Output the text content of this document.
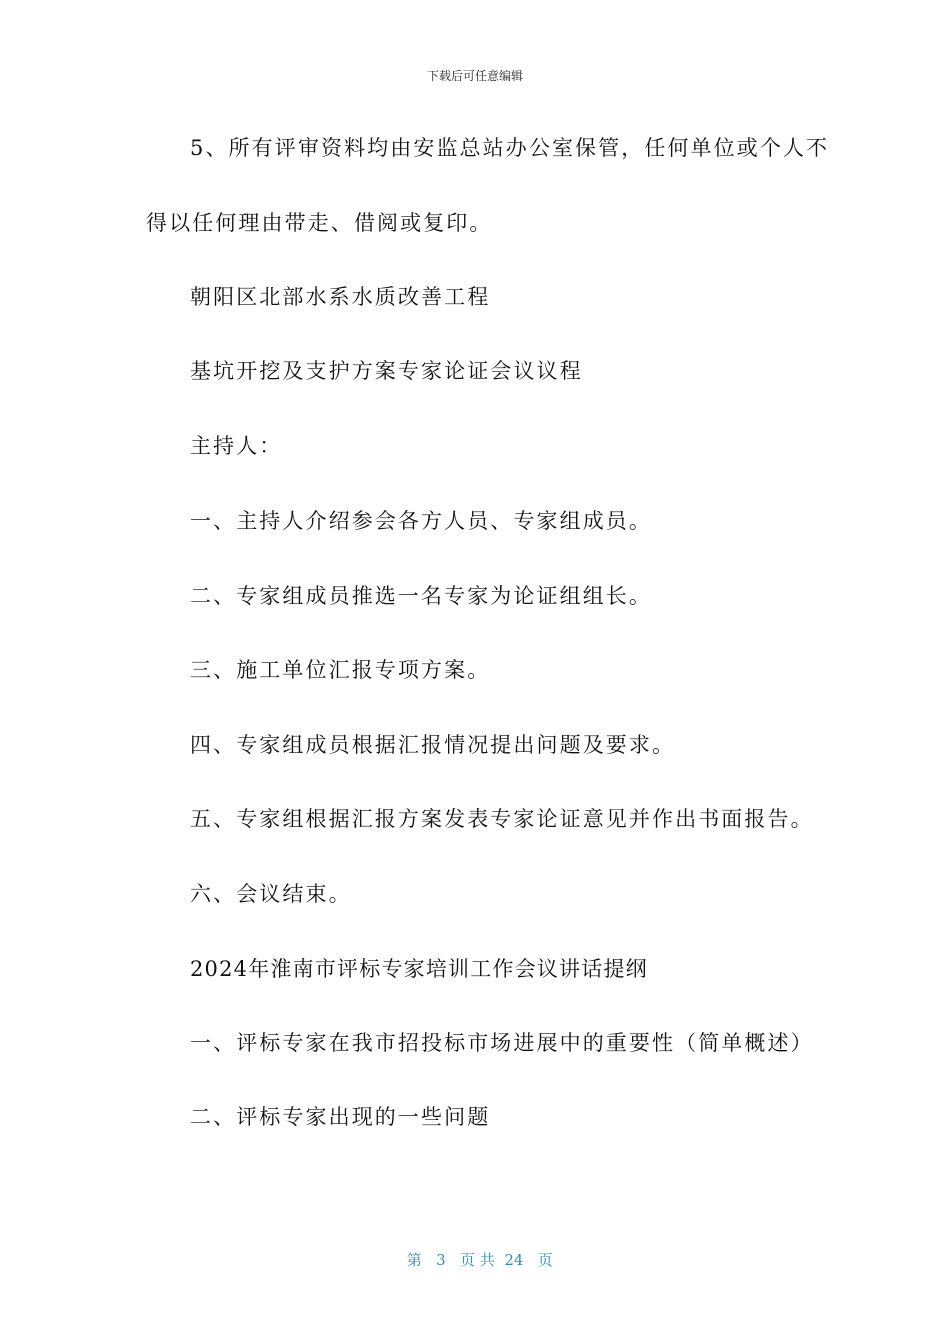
下载后可任意编辑

5、所有评审资料均由安监总站办公室保管，任何单位或个人不

得以任何理由带走、借阅或复印。

朝阳区北部水系水质改善工程

基坑开挖及支护方案专家论证会议议程

主持人：

一、主持人介绍参会各方人员、专家组成员。

二、专家组成员推选一名专家为论证组组长。

三、施工单位汇报专项方案。

四、专家组成员根据汇报情况提出问题及要求。

五、专家组根据汇报方案发表专家论证意见并作出书面报告。

六、会议结束。

2024年淮南市评标专家培训工作会议讲话提纲

一、评标专家在我市招投标市场进展中的重要性（简单概述）

二、评标专家出现的一些问题

第 3 页 共 24 页
